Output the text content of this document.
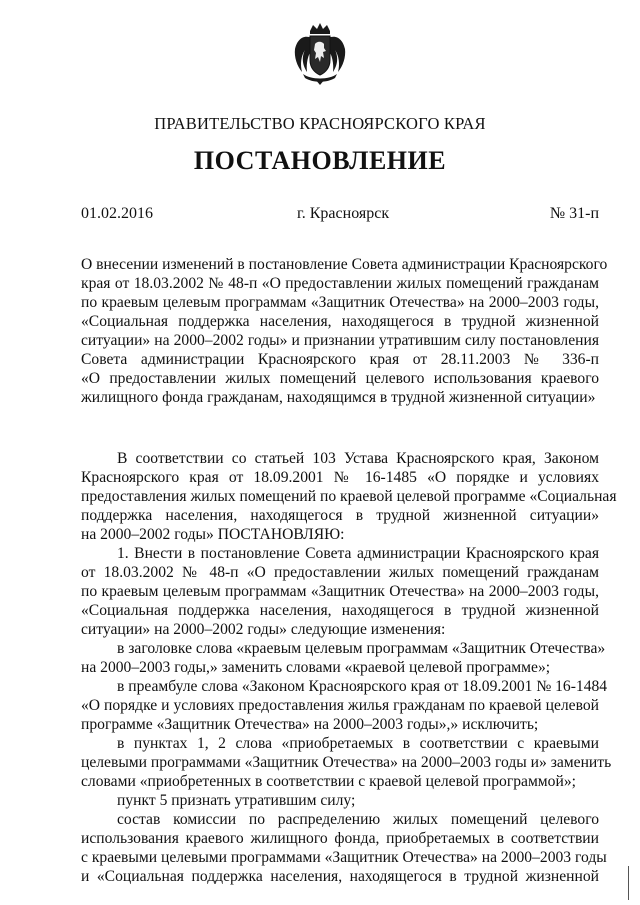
ПРАВИТЕЛЬСТВО КРАСНОЯРСКОГО КРАЯ
ПОСТАНОВЛЕНИЕ
01.02.2016	г. Красноярск	№ 31-п
О внесении изменений в постановление Совета администрации Красноярского
края от 18.03.2002 № 48-п «О предоставлении жилых помещений гражданам
по краевым целевым программам «Защитник Отечества» на 2000–2003 годы,
«Социальная поддержка населения, находящегося в трудной жизненной
ситуации» на 2000–2002 годы» и признании утратившим силу постановления
Совета администрации Красноярского края от 28.11.2003 № 336-п
«О предоставлении жилых помещений целевого использования краевого
жилищного фонда гражданам, находящимся в трудной жизненной ситуации»
В соответствии со статьей 103 Устава Красноярского края, Законом
Красноярского края от 18.09.2001 № 16-1485 «О порядке и условиях
предоставления жилых помещений по краевой целевой программе «Социальная
поддержка населения, находящегося в трудной жизненной ситуации»
на 2000–2002 годы» ПОСТАНОВЛЯЮ:
1. Внести в постановление Совета администрации Красноярского края
от 18.03.2002 № 48-п «О предоставлении жилых помещений гражданам
по краевым целевым программам «Защитник Отечества» на 2000–2003 годы,
«Социальная поддержка населения, находящегося в трудной жизненной
ситуации» на 2000–2002 годы» следующие изменения:
в заголовке слова «краевым целевым программам «Защитник Отечества»
на 2000–2003 годы,» заменить словами «краевой целевой программе»;
в преамбуле слова «Законом Красноярского края от 18.09.2001 № 16-1484
«О порядке и условиях предоставления жилья гражданам по краевой целевой
программе «Защитник Отечества» на 2000–2003 годы»,» исключить;
в пунктах 1, 2 слова «приобретаемых в соответствии с краевыми
целевыми программами «Защитник Отечества» на 2000–2003 годы и» заменить
словами «приобретенных в соответствии с краевой целевой программой»;
пункт 5 признать утратившим силу;
состав комиссии по распределению жилых помещений целевого
использования краевого жилищного фонда, приобретаемых в соответствии
с краевыми целевыми программами «Защитник Отечества» на 2000–2003 годы
и «Социальная поддержка населения, находящегося в трудной жизненной
